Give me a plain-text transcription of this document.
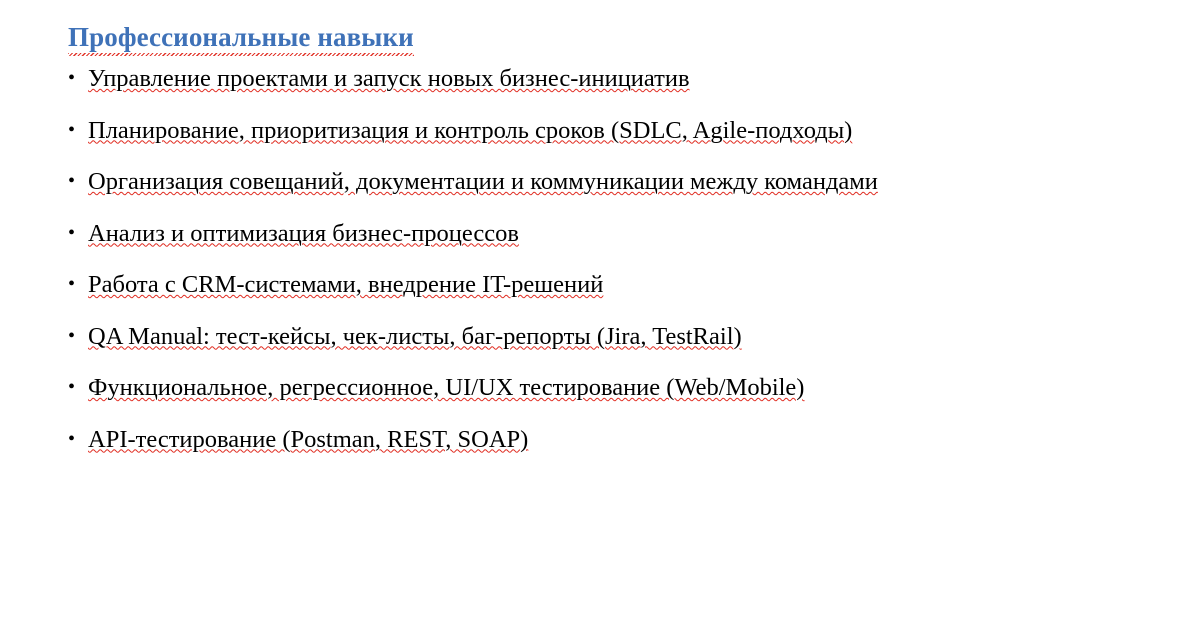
Профессиональные навыки
• Управление проектами и запуск новых бизнес-инициатив
• Планирование, приоритизация и контроль сроков (SDLC, Agile-подходы)
• Организация совещаний, документации и коммуникации между командами
• Анализ и оптимизация бизнес-процессов
• Работа с CRM-системами, внедрение IT-решений
• QA Manual: тест-кейсы, чек-листы, баг-репорты (Jira, TestRail)
• Функциональное, регрессионное, UI/UX тестирование (Web/Mobile)
• API-тестирование (Postman, REST, SOAP)
